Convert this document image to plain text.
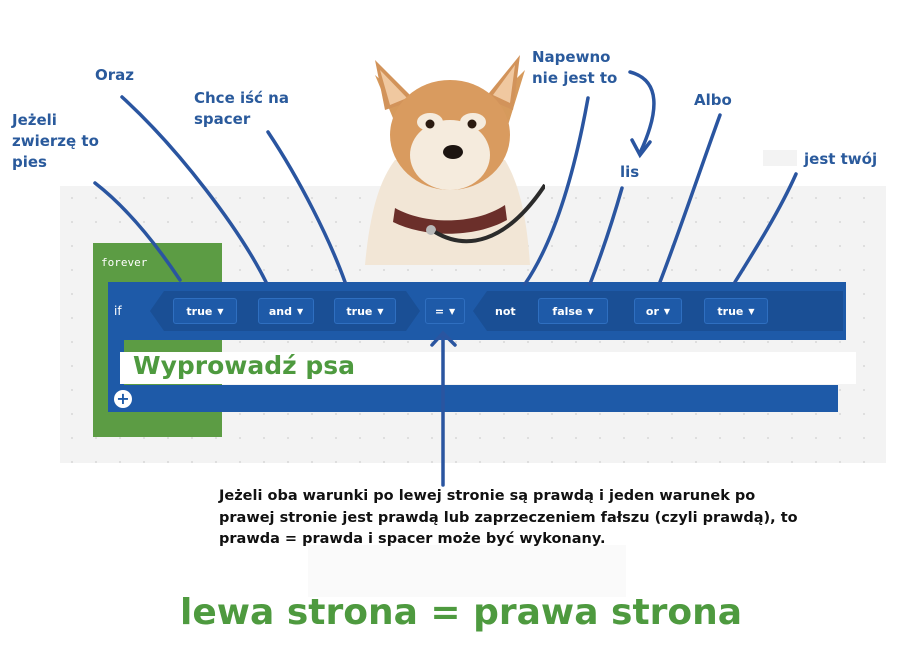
forever
if	true ▼	and ▼	true ▼	= ▼	not	false ▼	or ▼	true ▼
Wyprowadź psa
+
Jeżeli zwierzę to pies
Oraz
Chce iść na spacer
Napewno nie jest to
lis
Albo
jest twój
Jeżeli oba warunki po lewej stronie są prawdą i jeden warunek po prawej stronie jest prawdą lub zaprzeczeniem fałszu (czyli prawdą), to prawda = prawda i spacer może być wykonany.
lewa strona = prawa strona
